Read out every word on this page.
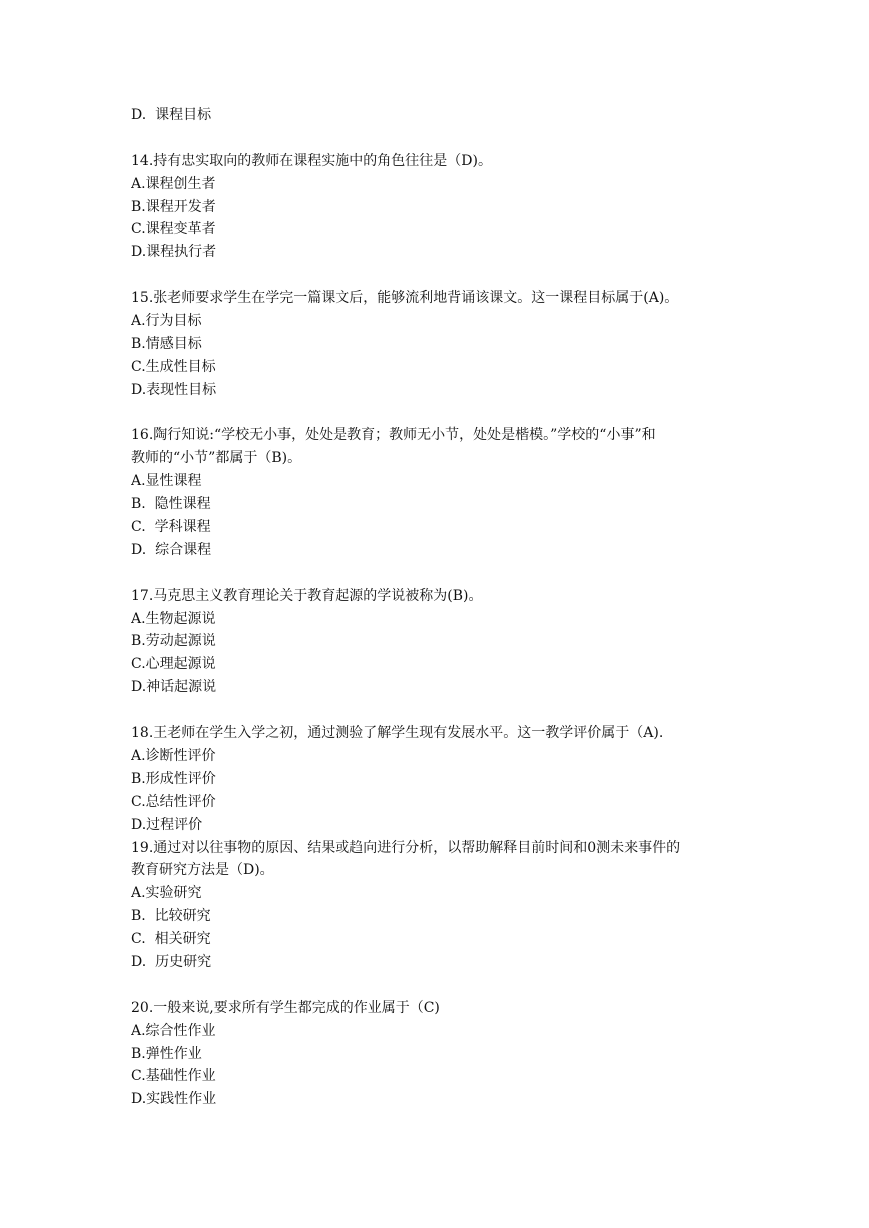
D.  课程目标
14.持有忠实取向的教师在课程实施中的角色往往是（D)。
A.课程创生者
B.课程开发者
C.课程变革者
D.课程执行者
15.张老师要求学生在学完一篇课文后，能够流利地背诵该课文。这一课程目标属于(A)。
A.行为目标
B.情感目标
C.生成性目标
D.表现性目标
16.陶行知说:“学校无小事，处处是教育；教师无小节，处处是楷模。”学校的“小事”和
教师的“小节”都属于（B)。
A.显性课程
B.  隐性课程
C.  学科课程
D.  综合课程
17.马克思主义教育理论关于教育起源的学说被称为(B)。
A.生物起源说
B.劳动起源说
C.心理起源说
D.神话起源说
18.王老师在学生入学之初，通过测验了解学生现有发展水平。这一教学评价属于（A).
A.诊断性评价
B.形成性评价
C.总结性评价
D.过程评价
19.通过对以往事物的原因、结果或趋向进行分析，以帮助解释目前时间和0测未来事件的
教育研究方法是（D)。
A.实验研究
B.  比较研究
C.  相关研究
D.  历史研究
20.一般来说,要求所有学生都完成的作业属于（C)
A.综合性作业
B.弹性作业
C.基础性作业
D.实践性作业
